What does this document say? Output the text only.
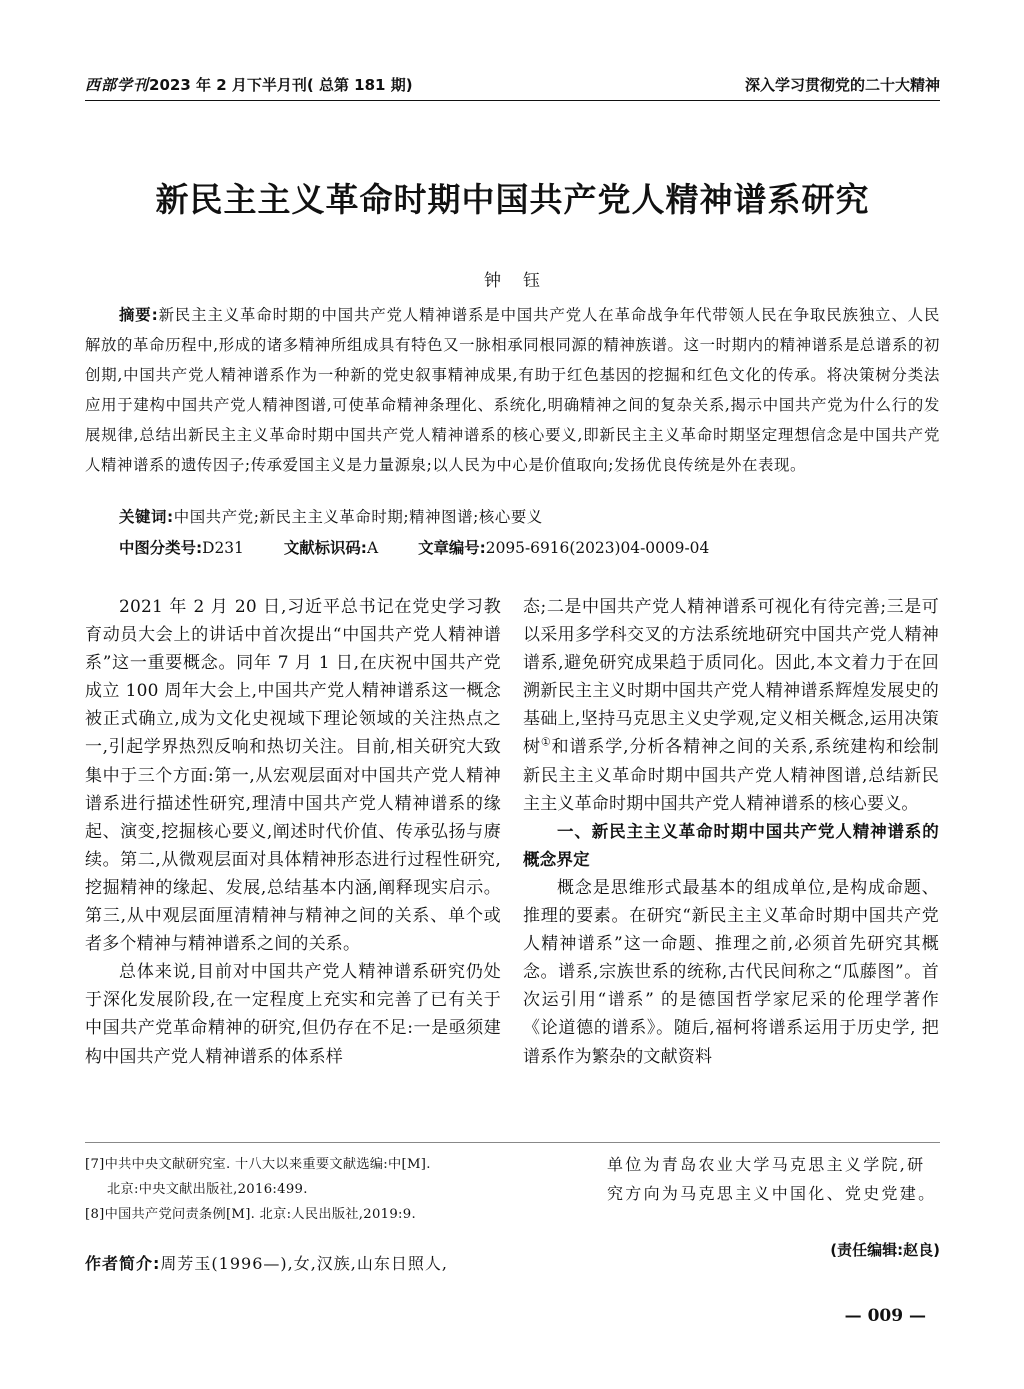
西部学刊2023 年 2 月下半月刊( 总第 181 期)	深入学习贯彻党的二十大精神
新民主主义革命时期中国共产党人精神谱系研究
钟钰
摘要:新民主主义革命时期的中国共产党人精神谱系是中国共产党人在革命战争年代带领人民在争取民族独立、人民解放的革命历程中,形成的诸多精神所组成具有特色又一脉相承同根同源的精神族谱。这一时期内的精神谱系是总谱系的初创期,中国共产党人精神谱系作为一种新的党史叙事精神成果,有助于红色基因的挖掘和红色文化的传承。将决策树分类法应用于建构中国共产党人精神图谱,可使革命精神条理化、系统化,明确精神之间的复杂关系,揭示中国共产党为什么行的发展规律,总结出新民主主义革命时期中国共产党人精神谱系的核心要义,即新民主主义革命时期坚定理想信念是中国共产党人精神谱系的遗传因子;传承爱国主义是力量源泉;以人民为中心是价值取向;发扬优良传统是外在表现。
关键词:中国共产党;新民主主义革命时期;精神图谱;核心要义
中图分类号:D231	文献标识码:A	文章编号:2095-6916(2023)04-0009-04

2021 年 2 月 20 日,习近平总书记在党史学习教育动员大会上的讲话中首次提出“中国共产党人精神谱系”这一重要概念。同年 7 月 1 日,在庆祝中国共产党成立 100 周年大会上,中国共产党人精神谱系这一概念被正式确立,成为文化史视域下理论领域的关注热点之一,引起学界热烈反响和热切关注。目前,相关研究大致集中于三个方面:第一,从宏观层面对中国共产党人精神谱系进行描述性研究,理清中国共产党人精神谱系的缘起、演变,挖掘核心要义,阐述时代价值、传承弘扬与赓续。第二,从微观层面对具体精神形态进行过程性研究,挖掘精神的缘起、发展,总结基本内涵,阐释现实启示。第三,从中观层面厘清精神与精神之间的关系、单个或者多个精神与精神谱系之间的关系。

总体来说,目前对中国共产党人精神谱系研究仍处于深化发展阶段,在一定程度上充实和完善了已有关于中国共产党革命精神的研究,但仍存在不足:一是亟须建构中国共产党人精神谱系的体系样

态;二是中国共产党人精神谱系可视化有待完善;三是可以采用多学科交叉的方法系统地研究中国共产党人精神谱系,避免研究成果趋于质同化。因此,本文着力于在回溯新民主主义时期中国共产党人精神谱系辉煌发展史的基础上,坚持马克思主义史学观,定义相关概念,运用决策树①和谱系学,分析各精神之间的关系,系统建构和绘制新民主主义革命时期中国共产党人精神图谱,总结新民主主义革命时期中国共产党人精神谱系的核心要义。

一、新民主主义革命时期中国共产党人精神谱系的概念界定

概念是思维形式最基本的组成单位,是构成命题、推理的要素。在研究“新民主主义革命时期中国共产党人精神谱系”这一命题、推理之前,必须首先研究其概念。谱系,宗族世系的统称,古代民间称之“瓜藤图”。首次运引用“谱系” 的是德国哲学家尼采的伦理学著作《论道德的谱系》。随后,福柯将谱系运用于历史学, 把谱系作为繁杂的文献资料

[7]中共中央文献研究室. 十八大以来重要文献选编:中[M].

北京:中央文献出版社,2016:499.

[8]中国共产党问责条例[M]. 北京:人民出版社,2019:9.

作者简介:周芳玉(1996—),女,汉族,山东日照人,
单位为青岛农业大学马克思主义学院,研究方向为马克思主义中国化、党史党建。
(责任编辑:赵良)
— 009 —
